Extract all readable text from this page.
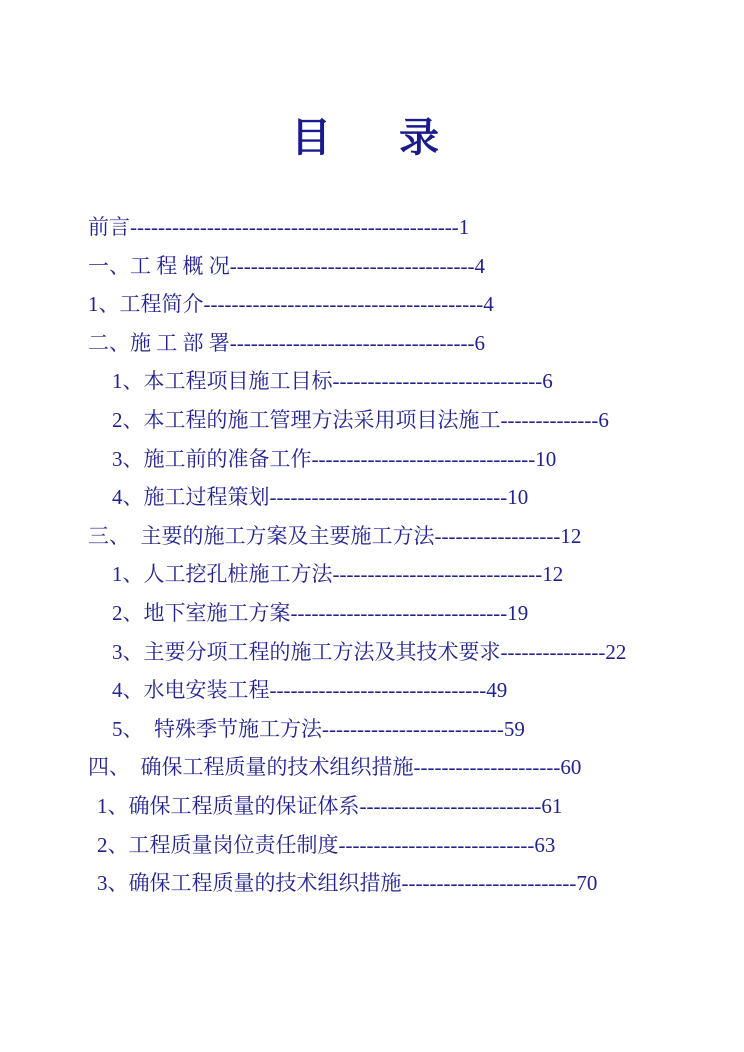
目　录
前言-----------------------------------------------1
一、工 程 概 况-----------------------------------4
1、工程简介----------------------------------------4
二、施 工 部 署-----------------------------------6
1、本工程项目施工目标------------------------------6
2、本工程的施工管理方法采用项目法施工--------------6
3、施工前的准备工作--------------------------------10
4、施工过程策划----------------------------------10
三、　主要的施工方案及主要施工方法------------------12
1、人工挖孔桩施工方法------------------------------12
2、地下室施工方案-------------------------------19
3、主要分项工程的施工方法及其技术要求---------------22
4、水电安装工程-------------------------------49
5、　特殊季节施工方法--------------------------59
四、　确保工程质量的技术组织措施---------------------60
1、确保工程质量的保证体系--------------------------61
2、工程质量岗位责任制度----------------------------63
3、确保工程质量的技术组织措施-------------------------70
